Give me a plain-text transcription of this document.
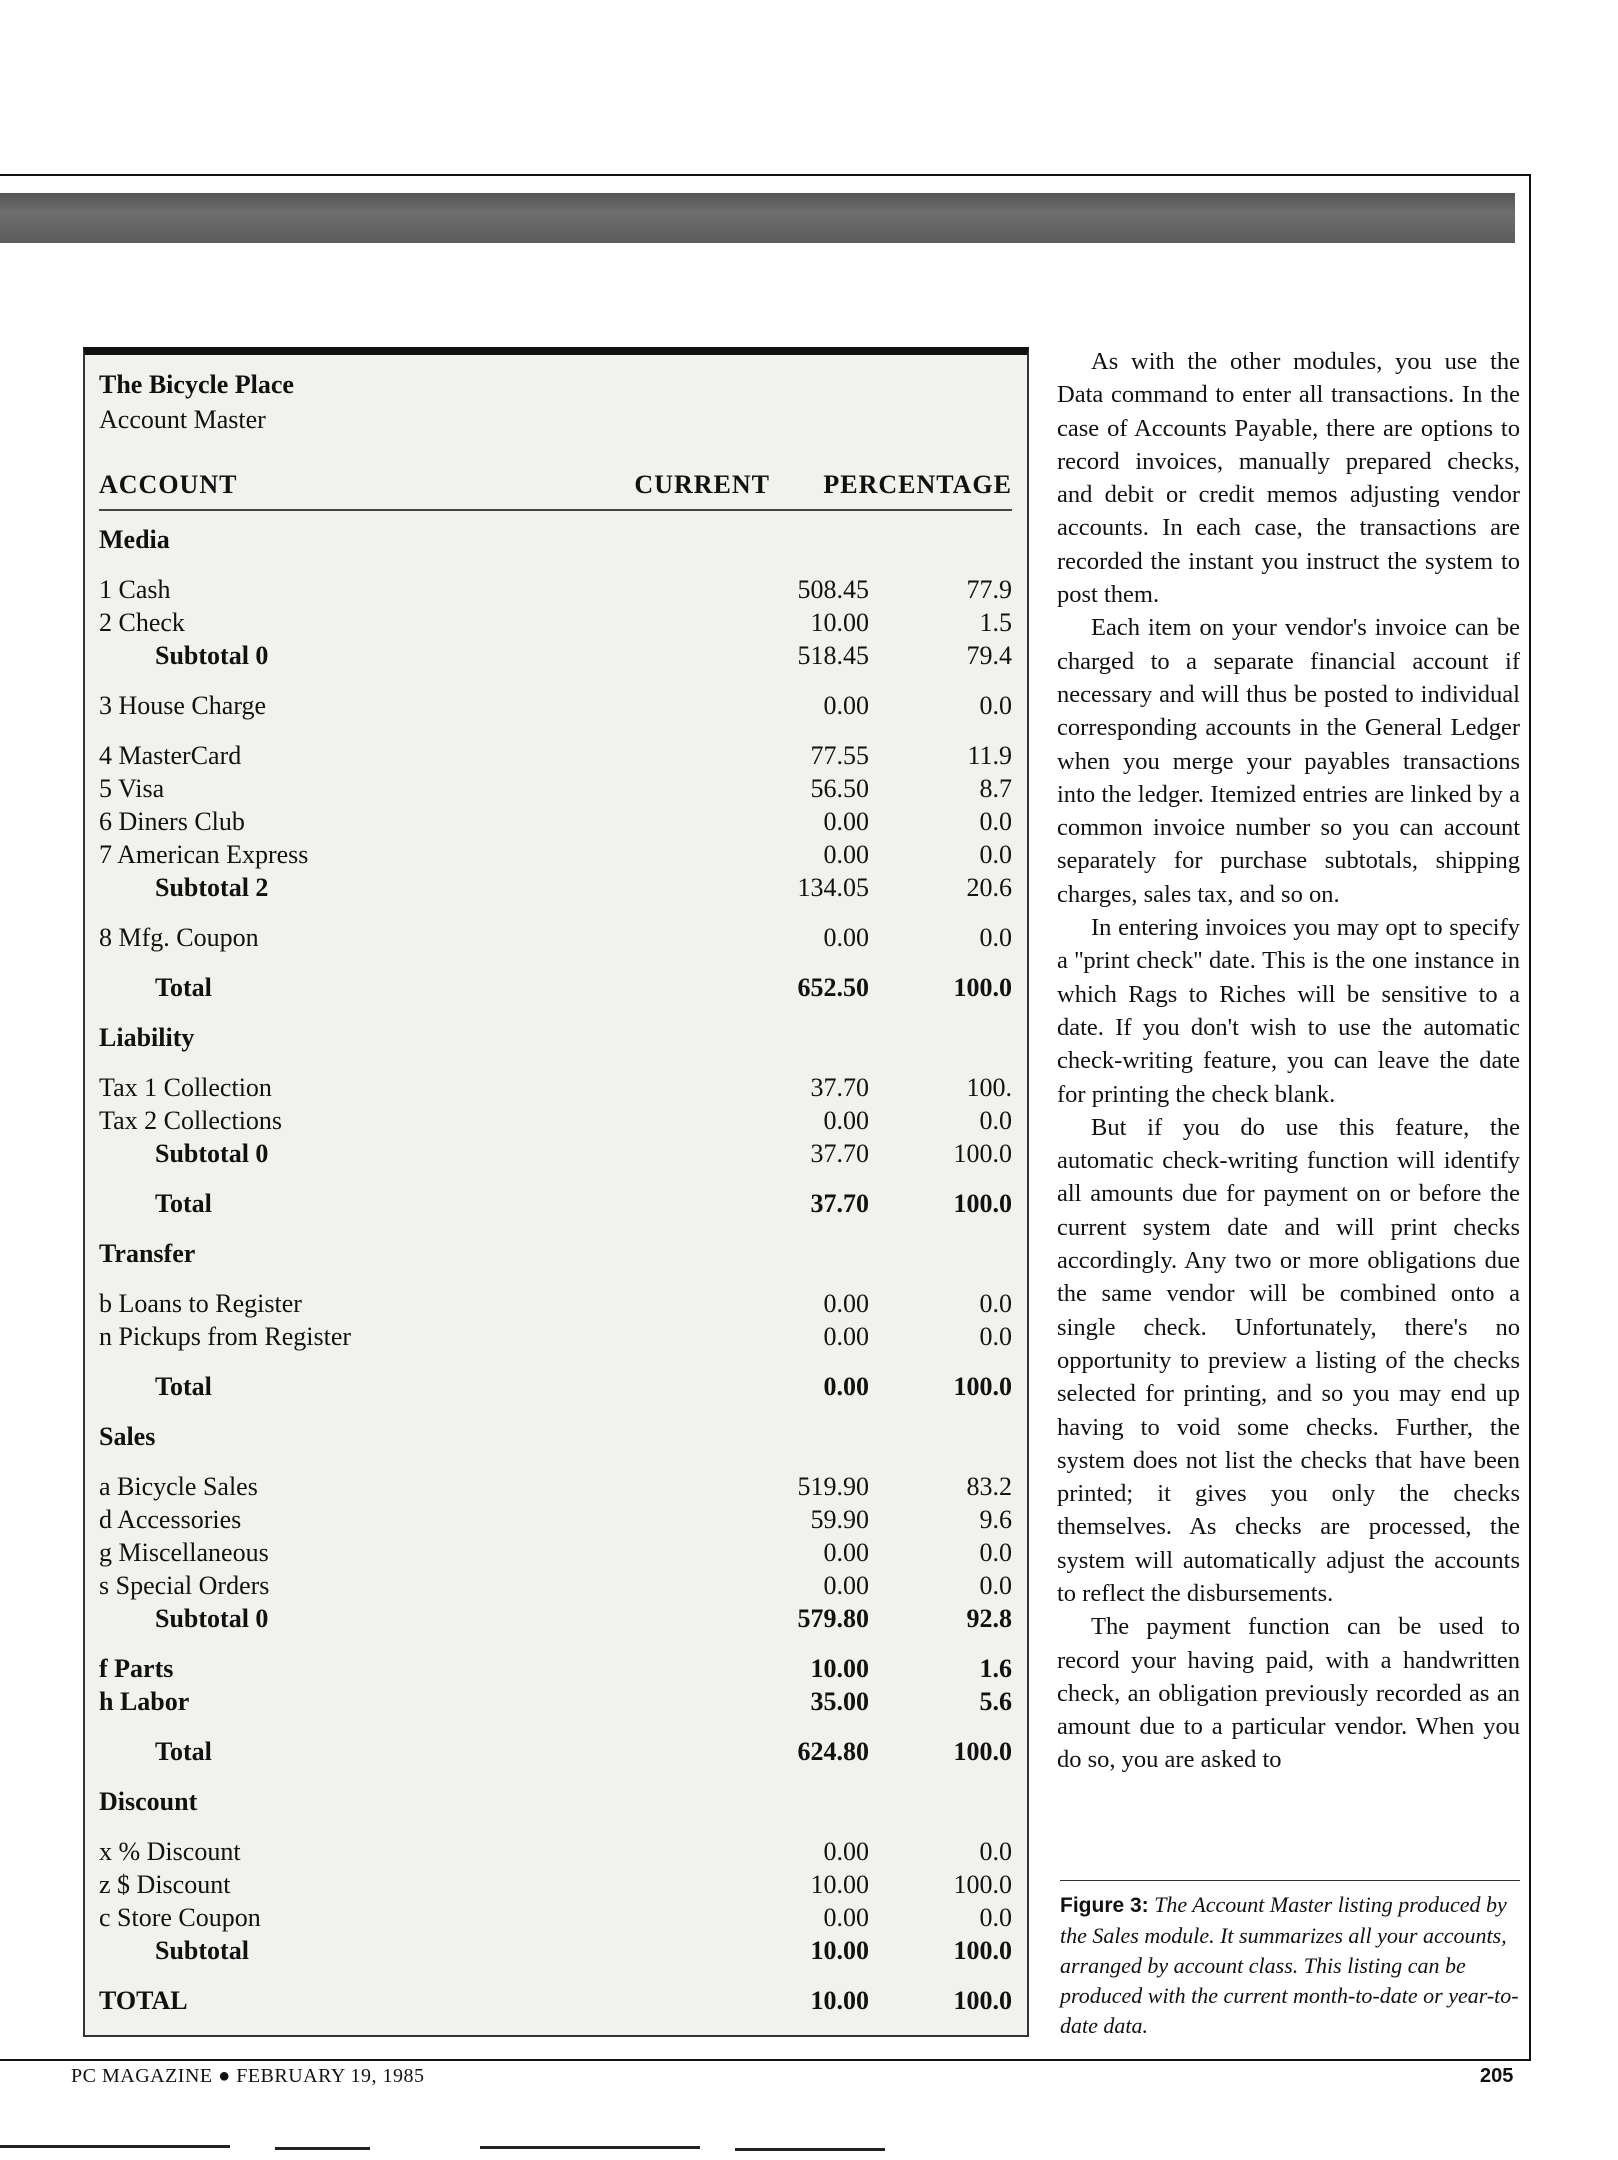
The Bicycle Place
Account Master
ACCOUNT	CURRENT	PERCENTAGE
Media
1 Cash	508.45	77.9
2 Check	10.00	1.5
Subtotal 0	518.45	79.4
3 House Charge	0.00	0.0
4 MasterCard	77.55	11.9
5 Visa	56.50	8.7
6 Diners Club	0.00	0.0
7 American Express	0.00	0.0
Subtotal 2	134.05	20.6
8 Mfg. Coupon	0.00	0.0
Total	652.50	100.0
Liability
Tax 1 Collection	37.70	100.
Tax 2 Collections	0.00	0.0
Subtotal 0	37.70	100.0
Total	37.70	100.0
Transfer
b Loans to Register	0.00	0.0
n Pickups from Register	0.00	0.0
Total	0.00	100.0
Sales
a Bicycle Sales	519.90	83.2
d Accessories	59.90	9.6
g Miscellaneous	0.00	0.0
s Special Orders	0.00	0.0
Subtotal 0	579.80	92.8
f Parts	10.00	1.6
h Labor	35.00	5.6
Total	624.80	100.0
Discount
x % Discount	0.00	0.0
z $ Discount	10.00	100.0
c Store Coupon	0.00	0.0
Subtotal	10.00	100.0
TOTAL	10.00	100.0

As with the other modules, you use the Data command to enter all transactions. In the case of Accounts Payable, there are options to record invoices, manually prepared checks, and debit or credit memos adjusting vendor accounts. In each case, the transactions are recorded the instant you instruct the system to post them.

Each item on your vendor's invoice can be charged to a separate financial account if necessary and will thus be posted to individual corresponding accounts in the General Ledger when you merge your payables transactions into the ledger. Itemized entries are linked by a common invoice number so you can account separately for purchase subtotals, shipping charges, sales tax, and so on.

In entering invoices you may opt to specify a ''print check'' date. This is the one instance in which Rags to Riches will be sensitive to a date. If you don't wish to use the automatic check-writing feature, you can leave the date for printing the check blank.

But if you do use this feature, the automatic check-writing function will identify all amounts due for payment on or before the current system date and will print checks accordingly. Any two or more obligations due the same vendor will be combined onto a single check. Unfortunately, there's no opportunity to preview a listing of the checks selected for printing, and so you may end up having to void some checks. Further, the system does not list the checks that have been printed; it gives you only the checks themselves. As checks are processed, the system will automatically adjust the accounts to reflect the disbursements.

The payment function can be used to record your having paid, with a handwritten check, an obligation previously recorded as an amount due to a particular vendor. When you do so, you are asked to

Figure 3: The Account Master listing produced by the Sales module. It summarizes all your accounts, arranged by account class. This listing can be produced with the current month-to-date or year-to-date data.
PC MAGAZINE ● FEBRUARY 19, 1985	205
